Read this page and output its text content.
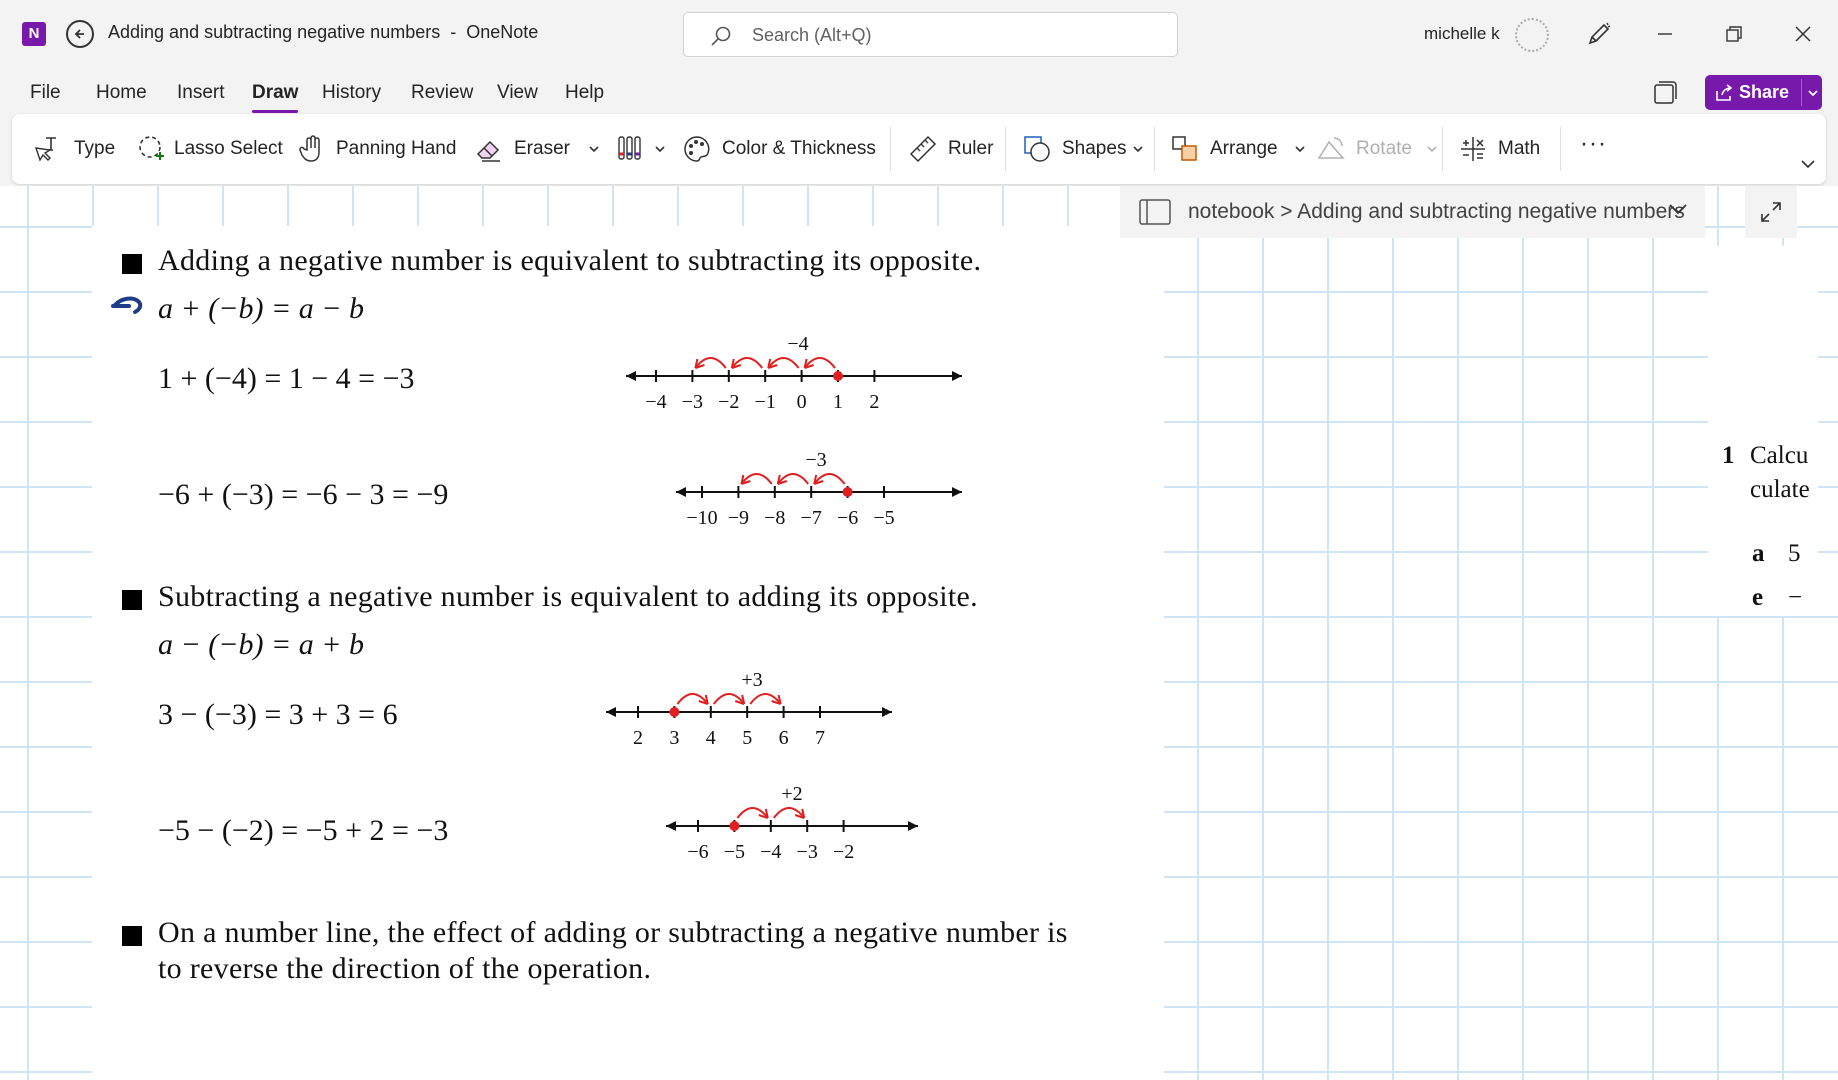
N	Adding and subtracting negative numbers  -  OneNote	Search (Alt+Q)	michelle k
File Home Insert Draw History Review View Help	Share
Type	Lasso Select	Panning Hand	Eraser	Color & Thickness	Ruler	Shapes	Arrange	Rotate	Math ···
Adding a negative number is equivalent to subtracting its opposite.
a + (−b) = a − b
1 + (−4) = 1 − 4 = −3
−4
−4 −3 −2 −1 0 1 2
−6 + (−3) = −6 − 3 = −9
−3
−10 −9 −8 −7 −6 −5
Subtracting a negative number is equivalent to adding its opposite.
a − (−b) = a + b
3 − (−3) = 3 + 3 = 6
+3
2 3 4 5 6 7
−5 − (−2) = −5 + 2 = −3
+2
−6 −5 −4 −3 −2
On a number line, the effect of adding or subtracting a negative number is
to reverse the direction of the operation.
1 Calcu
culate
a 5
e −
notebook > Adding and subtracting negative numbers
